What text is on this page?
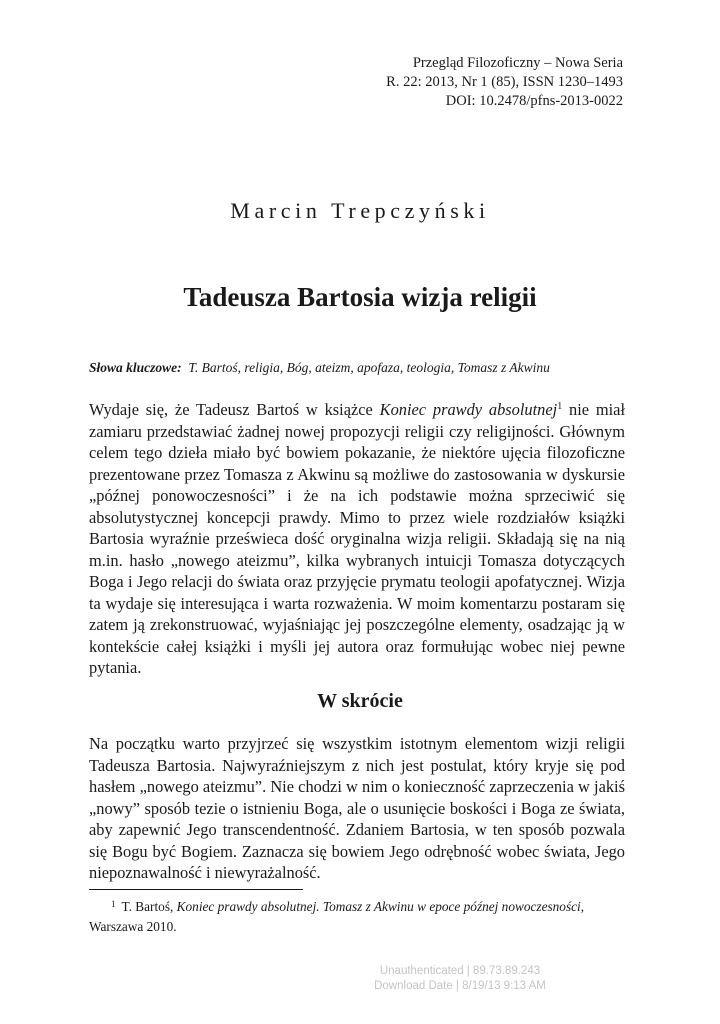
Przegląd Filozoficzny – Nowa Seria
R. 22: 2013, Nr 1 (85), ISSN 1230–1493
DOI: 10.2478/pfns-2013-0022
Marcin Trepczyński
Tadeusza Bartosia wizja religii
Słowa kluczowe: T. Bartoś, religia, Bóg, ateizm, apofaza, teologia, Tomasz z Akwinu
Wydaje się, że Tadeusz Bartoś w książce Koniec prawdy absolutnej$^1$ nie miał zamiaru przedstawiać żadnej nowej propozycji religii czy religijności. Głównym celem tego dzieła miało być bowiem pokazanie, że niektóre ujęcia filozoficzne prezentowane przez Tomasza z Akwinu są możliwe do zastosowania w dyskursie „późnej ponowoczesności” i że na ich podstawie można sprzeciwić się absolutystycznej koncepcji prawdy. Mimo to przez wiele rozdziałów książki Bartosia wyraźnie prześwieca dość oryginalna wizja religii. Składają się na nią m.in. hasło „nowego ateizmu”, kilka wybranych intuicji Tomasza dotyczących Boga i Jego relacji do świata oraz przyjęcie prymatu teologii apofatycznej. Wizja ta wydaje się interesująca i warta rozważenia. W moim komentarzu postaram się zatem ją zrekonstruować, wyjaśniając jej poszczególne elementy, osadzając ją w kontekście całej książki i myśli jej autora oraz formułując wobec niej pewne pytania.
W skrócie
Na początku warto przyjrzeć się wszystkim istotnym elementom wizji religii Tadeusza Bartosia. Najwyraźniejszym z nich jest postulat, który kryje się pod hasłem „nowego ateizmu”. Nie chodzi w nim o konieczność zaprzeczenia w jakiś „nowy” sposób tezie o istnieniu Boga, ale o usunięcie boskości i Boga ze świata, aby zapewnić Jego transcendentność. Zdaniem Bartosia, w ten sposób pozwala się Bogu być Bogiem. Zaznacza się bowiem Jego odrębność wobec świata, Jego niepoznawalność i niewyrażalność.
$^1$ T. Bartoś, Koniec prawdy absolutnej. Tomasz z Akwinu w epoce późnej nowoczesności, Warszawa 2010.
Unauthenticated | 89.73.89.243
Download Date | 8/19/13 9:13 AM
